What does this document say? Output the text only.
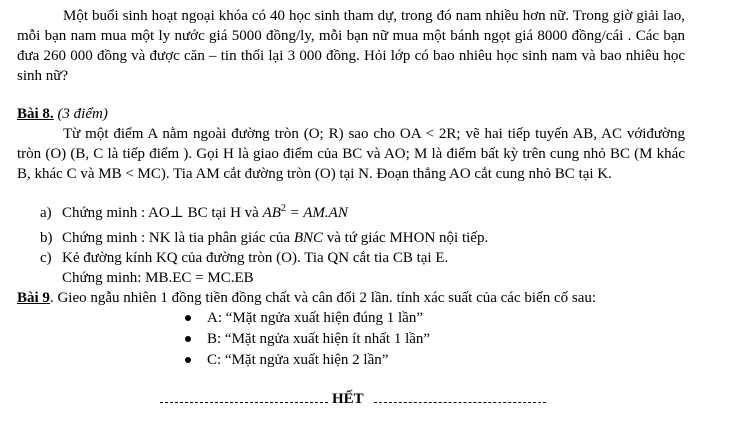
Một buổi sinh hoạt ngoại khóa có 40 học sinh tham dự, trong đó nam nhiều hơn nữ. Trong giờ giải lao, mỗi bạn nam mua một ly nước giá 5000 đồng/ly, mỗi bạn nữ mua một bánh ngọt giá 8000 đồng/cái . Các bạn đưa 260 000 đồng và được căn – tin thối lại 3 000 đồng. Hỏi lớp có bao nhiêu học sinh nam và bao nhiêu học sinh nữ?
Bài 8. (3 điểm)
Từ một điểm A nằm ngoài đường tròn (O; R) sao cho OA < 2R; vẽ hai tiếp tuyến AB, AC vớiđường tròn (O) (B, C là tiếp điểm ). Gọi H là giao điểm của BC và AO; M là điểm bất kỳ trên cung nhỏ BC (M khác B, khác C và MB < MC). Tia AM cắt đường tròn (O) tại N. Đoạn thẳng AO cắt cung nhỏ BC tại K.
a) Chứng minh : AO⊥ BC tại H và $AB^2 = AM.AN$
b) Chứng minh : NK là tia phân giác của BNC và tứ giác MHON nội tiếp.
c) Kẻ đường kính KQ của đường tròn (O). Tia QN cắt tia CB tại E.
Chứng minh: MB.EC = MC.EB
Bài 9. Gieo ngẫu nhiên 1 đồng tiền đồng chất và cân đối 2 lần. tính xác suất của các biến cố sau:
A: “Mặt ngửa xuất hiện đúng 1 lần”
B: “Mặt ngửa xuất hiện ít nhất 1 lần”
C: “Mặt ngửa xuất hiện 2 lần”
HẾT
